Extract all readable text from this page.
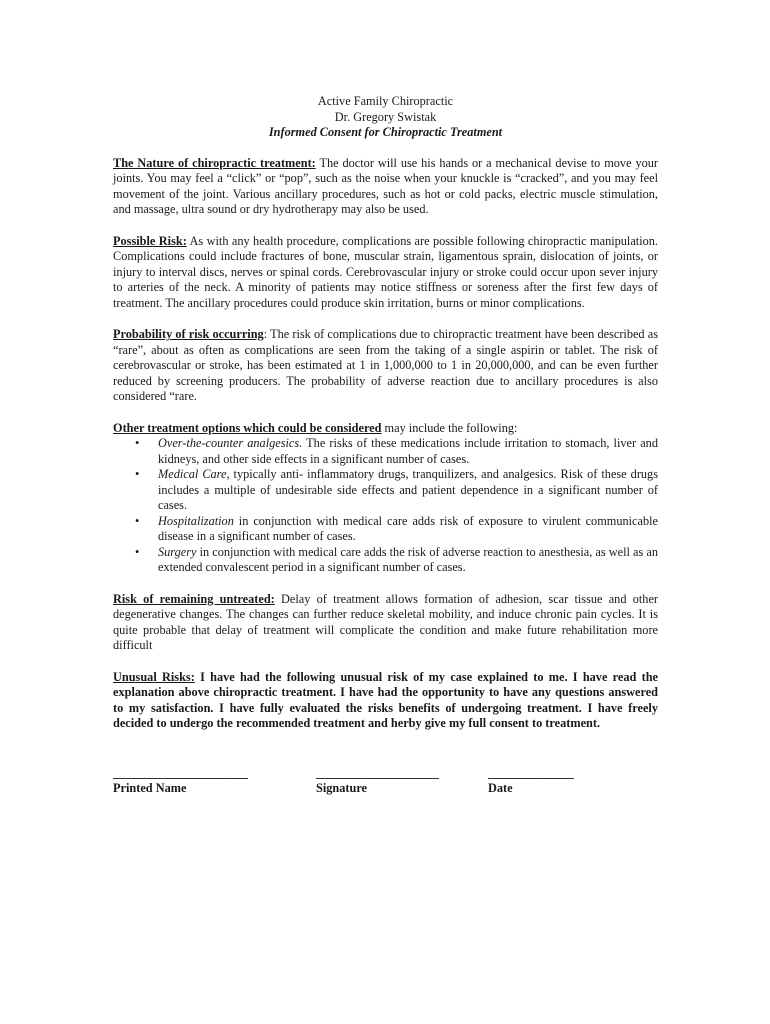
Active Family Chiropractic
Dr. Gregory Swistak
Informed Consent for Chiropractic Treatment

The Nature of chiropractic treatment: The doctor will use his hands or a mechanical devise to move your joints. You may feel a “click” or “pop”, such as the noise when your knuckle is “cracked”, and you may feel movement of the joint. Various ancillary procedures, such as hot or cold packs, electric muscle stimulation, and massage, ultra sound or dry hydrotherapy may also be used.

Possible Risk: As with any health procedure, complications are possible following chiropractic manipulation. Complications could include fractures of bone, muscular strain, ligamentous sprain, dislocation of joints, or injury to interval discs, nerves or spinal cords. Cerebrovascular injury or stroke could occur upon sever injury to arteries of the neck. A minority of patients may notice stiffness or soreness after the first few days of treatment. The ancillary procedures could produce skin irritation, burns or minor complications.

Probability of risk occurring: The risk of complications due to chiropractic treatment have been described as “rare”, about as often as complications are seen from the taking of a single aspirin or tablet. The risk of cerebrovascular or stroke, has been estimated at 1 in 1,000,000 to 1 in 20,000,000, and can be even further reduced by screening producers. The probability of adverse reaction due to ancillary procedures is also considered “rare.

Other treatment options which could be considered may include the following:
• Over-the-counter analgesics. The risks of these medications include irritation to stomach, liver and kidneys, and other side effects in a significant number of cases.
• Medical Care, typically anti- inflammatory drugs, tranquilizers, and analgesics. Risk of these drugs includes a multiple of undesirable side effects and patient dependence in a significant number of cases.
• Hospitalization in conjunction with medical care adds risk of exposure to virulent communicable disease in a significant number of cases.
• Surgery in conjunction with medical care adds the risk of adverse reaction to anesthesia, as well as an extended convalescent period in a significant number of cases.

Risk of remaining untreated: Delay of treatment allows formation of adhesion, scar tissue and other degenerative changes. The changes can further reduce skeletal mobility, and induce chronic pain cycles. It is quite probable that delay of treatment will complicate the condition and make future rehabilitation more difficult

Unusual Risks: I have had the following unusual risk of my case explained to me. I have read the explanation above chiropractic treatment. I have had the opportunity to have any questions answered to my satisfaction. I have fully evaluated the risks benefits of undergoing treatment. I have freely decided to undergo the recommended treatment and herby give my full consent to treatment.

______________________
Printed Name
____________________
Signature
______________
Date
